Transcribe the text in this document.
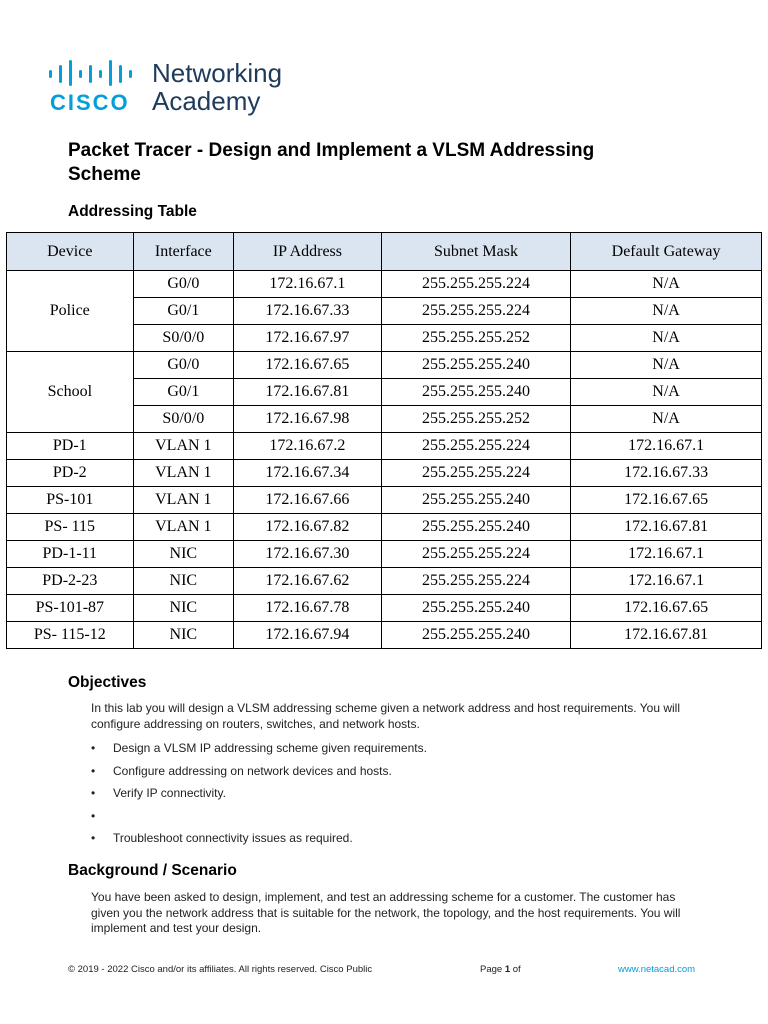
CISCO
Networking
Academy
Packet Tracer - Design and Implement a VLSM Addressing Scheme
Addressing Table
Device	Interface	IP Address	Subnet Mask	Default Gateway
Police	G0/0	172.16.67.1	255.255.255.224	N/A
	G0/1	172.16.67.33	255.255.255.224	N/A
	S0/0/0	172.16.67.97	255.255.255.252	N/A
School	G0/0	172.16.67.65	255.255.255.240	N/A
	G0/1	172.16.67.81	255.255.255.240	N/A
	S0/0/0	172.16.67.98	255.255.255.252	N/A
PD-1	VLAN 1	172.16.67.2	255.255.255.224	172.16.67.1
PD-2	VLAN 1	172.16.67.34	255.255.255.224	172.16.67.33
PS-101	VLAN 1	172.16.67.66	255.255.255.240	172.16.67.65
PS- 115	VLAN 1	172.16.67.82	255.255.255.240	172.16.67.81
PD-1-11	NIC	172.16.67.30	255.255.255.224	172.16.67.1
PD-2-23	NIC	172.16.67.62	255.255.255.224	172.16.67.1
PS-101-87	NIC	172.16.67.78	255.255.255.240	172.16.67.65
PS- 115-12	NIC	172.16.67.94	255.255.255.240	172.16.67.81
Objectives
In this lab you will design a VLSM addressing scheme given a network address and host requirements. You will configure addressing on routers, switches, and network hosts.
• Design a VLSM IP addressing scheme given requirements.
• Configure addressing on network devices and hosts.
• Verify IP connectivity.
•
• Troubleshoot connectivity issues as required.
Background / Scenario
You have been asked to design, implement, and test an addressing scheme for a customer. The customer has given you the network address that is suitable for the network, the topology, and the host requirements. You will implement and test your design.
© 2019 - 2022 Cisco and/or its affiliates. All rights reserved. Cisco Public	Page 1 of	www.netacad.com
